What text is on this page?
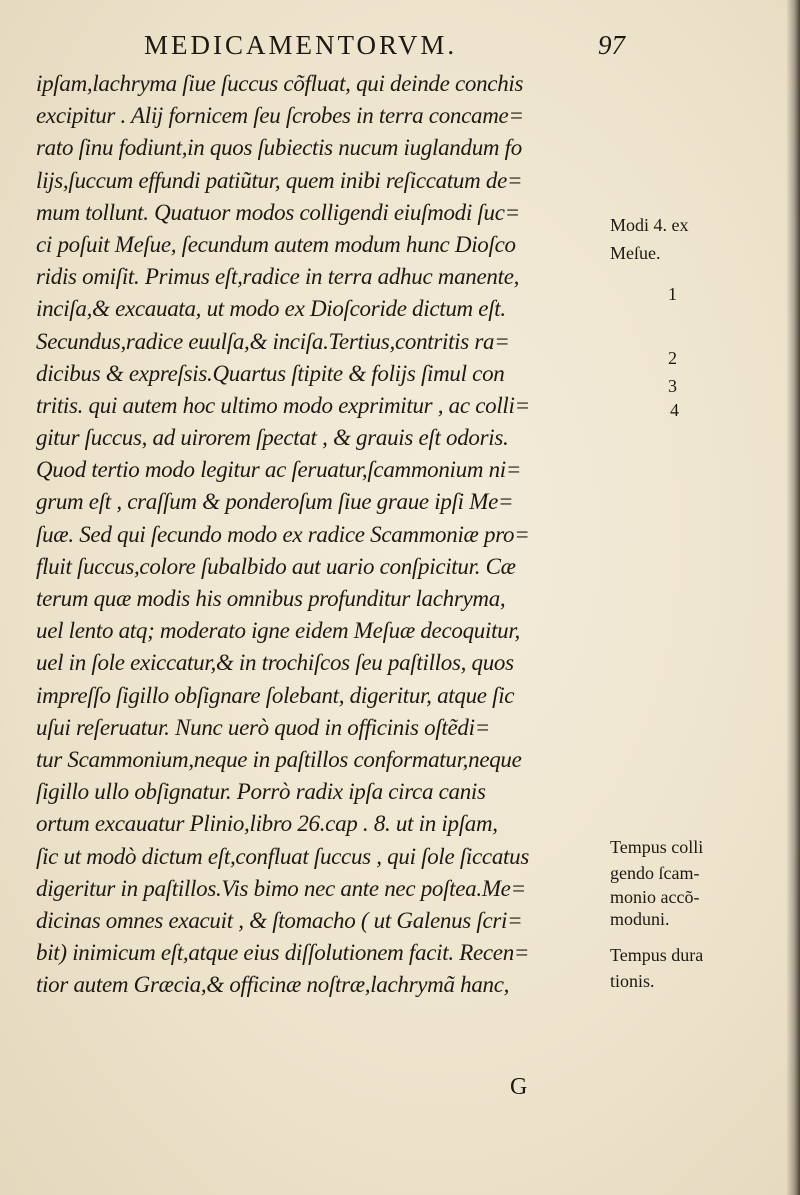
MEDICAMENTORVM.	97
ipſam,lachryma ſiue ſuccus cõfluat, qui deinde conchis
excipitur . Alij fornicem ſeu ſcrobes in terra concame=
rato ſinu fodiunt,in quos ſubiectis nucum iuglandum fo
lijs,ſuccum effundi patiũtur, quem inibi reſiccatum de=
mum tollunt. Quatuor modos colligendi eiuſmodi ſuc=
ci poſuit Meſue, ſecundum autem modum hunc Dioſco
ridis omiſit. Primus eſt,radice in terra adhuc manente,
inciſa,& excauata, ut modo ex Dioſcoride dictum eſt.
Secundus,radice euulſa,& inciſa.Tertius,contritis ra=
dicibus & expreſsis.Quartus ſtipite & folijs ſimul con
tritis. qui autem hoc ultimo modo exprimitur , ac colli=
gitur ſuccus, ad uirorem ſpectat , & grauis eſt odoris.
Quod tertio modo legitur ac ſeruatur,ſcammonium ni=
grum eſt , craſſum & ponderoſum ſiue graue ipſi Me=
ſuæ. Sed qui ſecundo modo ex radice Scammoniæ pro=
fluit ſuccus,colore ſubalbido aut uario conſpicitur. Cæ
terum quæ modis his omnibus profunditur lachryma,
uel lento atq; moderato igne eidem Meſuæ decoquitur,
uel in ſole exiccatur,& in trochiſcos ſeu paſtillos, quos
impreſſo ſigillo obſignare ſolebant, digeritur, atque ſic
uſui reſeruatur. Nunc uerò quod in officinis oſtẽdi=
tur Scammonium,neque in paſtillos conformatur,neque
ſigillo ullo obſignatur. Porrò radix ipſa circa canis
ortum excauatur Plinio,libro 26.cap . 8. ut in ipſam,
ſic ut modò dictum eſt,confluat ſuccus , qui ſole ſiccatus
digeritur in paſtillos.Vis bimo nec ante nec poſtea.Me=
dicinas omnes exacuit , & ſtomacho ( ut Galenus ſcri=
bit) inimicum eſt,atque eius diſſolutionem facit. Recen=
tior autem Græcia,& officinæ noſtræ,lachrymã hanc,
Modi 4. ex
Meſue.
1
2
3
4
Tempus colli
gendo ſcam-
monio accõ-
moduni.
Tempus dura
tionis.
G
